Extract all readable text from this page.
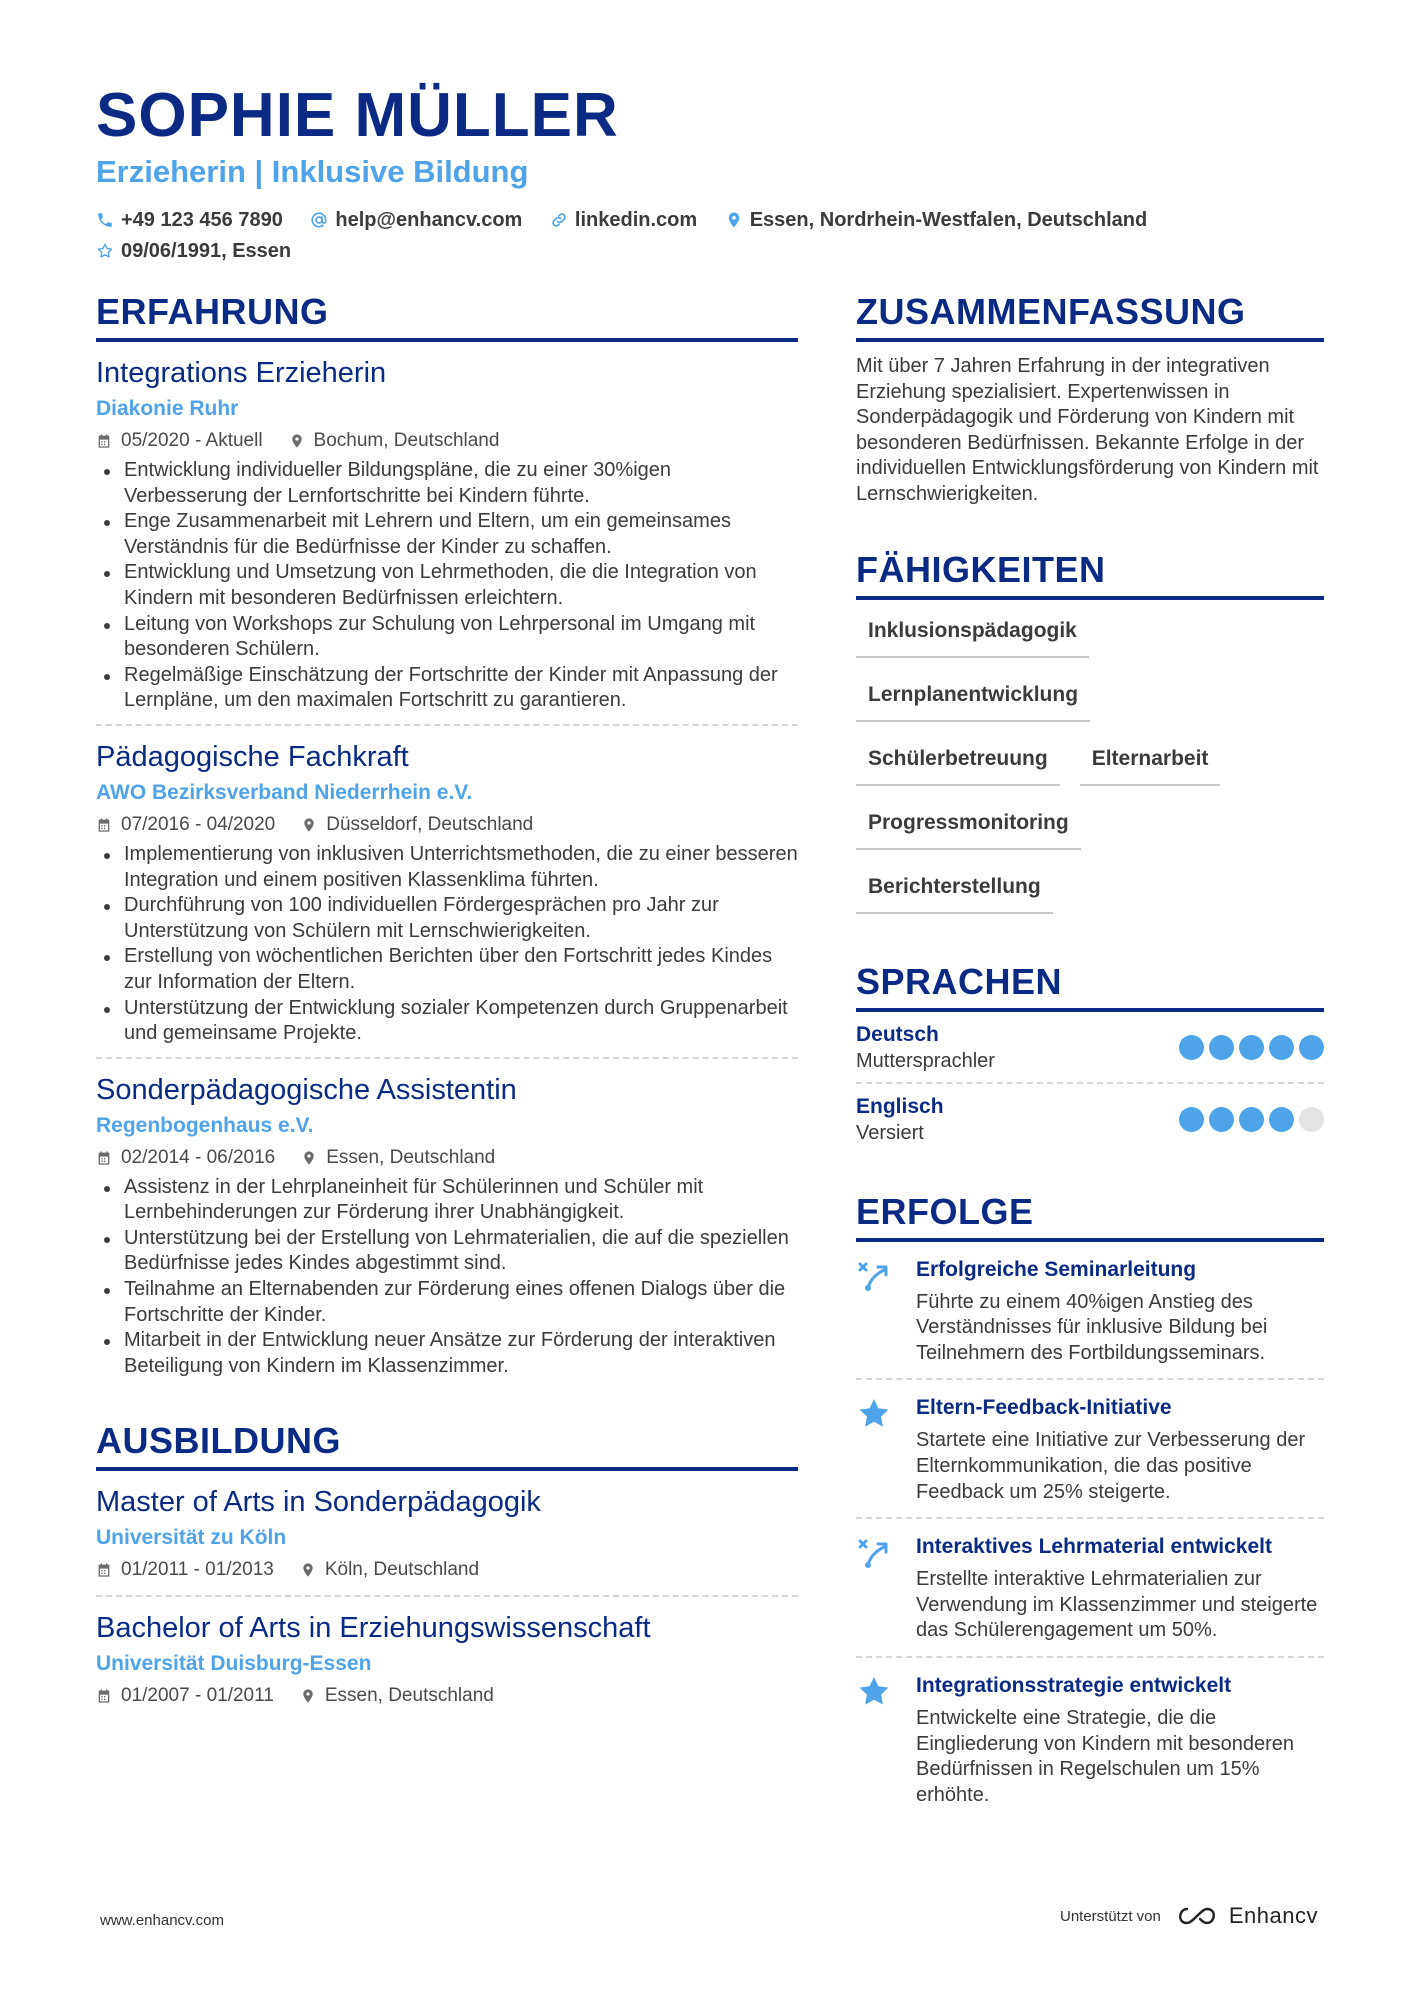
SOPHIE MÜLLER
Erzieherin | Inklusive Bildung
+49 123 456 7890
	help@enhancv.com
	linkedin.com
	Essen, Nordrhein-Westfalen, Deutschland

09/06/1991, Essen
ERFAHRUNG
Integrations Erzieherin
Diakonie Ruhr
05/2020 - Aktuell	Bochum, Deutschland
Entwicklung individueller Bildungspläne, die zu einer 30%igen Verbesserung der Lernfortschritte bei Kindern führte.
Enge Zusammenarbeit mit Lehrern und Eltern, um ein gemeinsames Verständnis für die Bedürfnisse der Kinder zu schaffen.
Entwicklung und Umsetzung von Lehrmethoden, die die Integration von Kindern mit besonderen Bedürfnissen erleichtern.
Leitung von Workshops zur Schulung von Lehrpersonal im Umgang mit besonderen Schülern.
Regelmäßige Einschätzung der Fortschritte der Kinder mit Anpassung der Lernpläne, um den maximalen Fortschritt zu garantieren.
Pädagogische Fachkraft
AWO Bezirksverband Niederrhein e.V.
07/2016 - 04/2020	Düsseldorf, Deutschland
Implementierung von inklusiven Unterrichtsmethoden, die zu einer besseren Integration und einem positiven Klassenklima führten.
Durchführung von 100 individuellen Fördergesprächen pro Jahr zur Unterstützung von Schülern mit Lernschwierigkeiten.
Erstellung von wöchentlichen Berichten über den Fortschritt jedes Kindes zur Information der Eltern.
Unterstützung der Entwicklung sozialer Kompetenzen durch Gruppenarbeit und gemeinsame Projekte.
Sonderpädagogische Assistentin
Regenbogenhaus e.V.
02/2014 - 06/2016	Essen, Deutschland
Assistenz in der Lehrplaneinheit für Schülerinnen und Schüler mit Lernbehinderungen zur Förderung ihrer Unabhängigkeit.
Unterstützung bei der Erstellung von Lehrmaterialien, die auf die speziellen Bedürfnisse jedes Kindes abgestimmt sind.
Teilnahme an Elternabenden zur Förderung eines offenen Dialogs über die Fortschritte der Kinder.
Mitarbeit in der Entwicklung neuer Ansätze zur Förderung der interaktiven Beteiligung von Kindern im Klassenzimmer.
AUSBILDUNG
Master of Arts in Sonderpädagogik
Universität zu Köln
01/2011 - 01/2013	Köln, Deutschland
Bachelor of Arts in Erziehungswissenschaft
Universität Duisburg-Essen
01/2007 - 01/2011	Essen, Deutschland
ZUSAMMENFASSUNG
Mit über 7 Jahren Erfahrung in der integrativen Erziehung spezialisiert. Expertenwissen in Sonderpädagogik und Förderung von Kindern mit besonderen Bedürfnissen. Bekannte Erfolge in der individuellen Entwicklungsförderung von Kindern mit Lernschwierigkeiten.
FÄHIGKEITEN
Inklusionspädagogik
Lernplanentwicklung
Schülerbetreuung	Elternarbeit
Progressmonitoring
Berichterstellung
SPRACHEN
Deutsch
Muttersprachler
Englisch
Versiert
ERFOLGE
Erfolgreiche Seminarleitung
Führte zu einem 40%igen Anstieg des Verständnisses für inklusive Bildung bei Teilnehmern des Fortbildungsseminars.
Eltern-Feedback-Initiative
Startete eine Initiative zur Verbesserung der Elternkommunikation, die das positive Feedback um 25% steigerte.
Interaktives Lehrmaterial entwickelt
Erstellte interaktive Lehrmaterialien zur Verwendung im Klassenzimmer und steigerte das Schülerengagement um 50%.
Integrationsstrategie entwickelt
Entwickelte eine Strategie, die die Eingliederung von Kindern mit besonderen Bedürfnissen in Regelschulen um 15% erhöhte.
www.enhancv.com	Unterstützt von	Enhancv
